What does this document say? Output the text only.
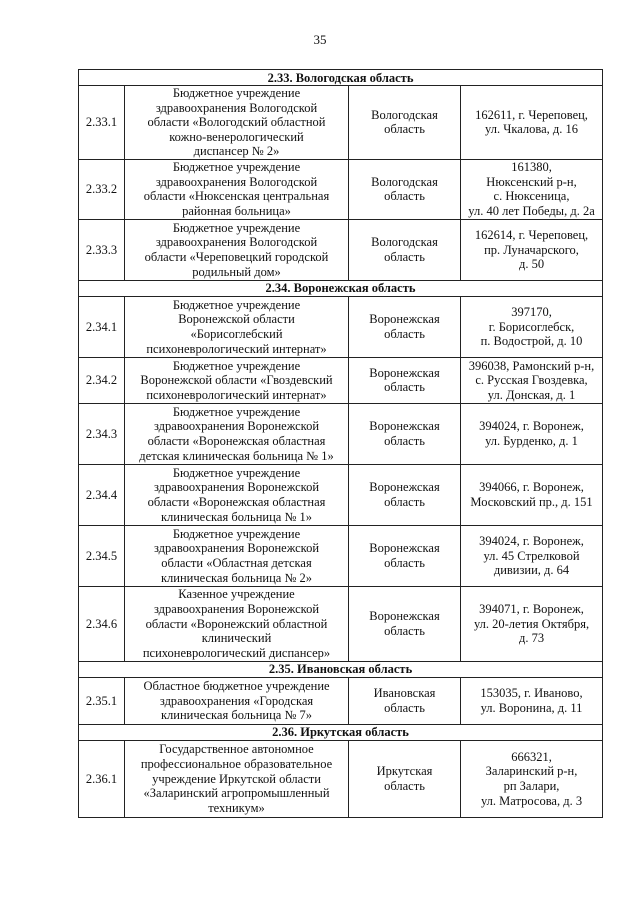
35
2.33. Вологодская область			
2.33.1	Бюджетное учреждение
здравоохранения Вологодской
области «Вологодский областной
кожно-венерологический
диспансер № 2»	Вологодская
область	162611, г. Череповец,
ул. Чкалова, д. 16
2.33.2	Бюджетное учреждение
здравоохранения Вологодской
области «Нюксенская центральная
районная больница»	Вологодская
область	161380,
Нюксенский р-н,
с. Нюксеница,
ул. 40 лет Победы, д. 2а
2.33.3	Бюджетное учреждение
здравоохранения Вологодской
области «Череповецкий городской
родильный дом»	Вологодская
область	162614, г. Череповец,
пр. Луначарского,
д. 50
2.34. Воронежская область			
2.34.1	Бюджетное учреждение
Воронежской области
«Борисоглебский
психоневрологический интернат»	Воронежская
область	397170,
г. Борисоглебск,
п. Водострой, д. 10
2.34.2	Бюджетное учреждение
Воронежской области «Гвоздевский
психоневрологический интернат»	Воронежская
область	396038, Рамонский р-н,
с. Русская Гвоздевка,
ул. Донская, д. 1
2.34.3	Бюджетное учреждение
здравоохранения Воронежской
области «Воронежская областная
детская клиническая больница № 1»	Воронежская
область	394024, г. Воронеж,
ул. Бурденко, д. 1
2.34.4	Бюджетное учреждение
здравоохранения Воронежской
области «Воронежская областная
клиническая больница № 1»	Воронежская
область	394066, г. Воронеж,
Московский пр., д. 151
2.34.5	Бюджетное учреждение
здравоохранения Воронежской
области «Областная детская
клиническая больница № 2»	Воронежская
область	394024, г. Воронеж,
ул. 45 Стрелковой
дивизии, д. 64
2.34.6	Казенное учреждение
здравоохранения Воронежской
области «Воронежский областной
клинический
психоневрологический диспансер»	Воронежская
область	394071, г. Воронеж,
ул. 20-летия Октября,
д. 73
2.35. Ивановская область			
2.35.1	Областное бюджетное учреждение
здравоохранения «Городская
клиническая больница № 7»	Ивановская
область	153035, г. Иваново,
ул. Воронина, д. 11
2.36. Иркутская область			
2.36.1	Государственное автономное
профессиональное образовательное
учреждение Иркутской области
«Заларинский агропромышленный
техникум»	Иркутская
область	666321,
Заларинский р-н,
рп Залари,
ул. Матросова, д. 3
